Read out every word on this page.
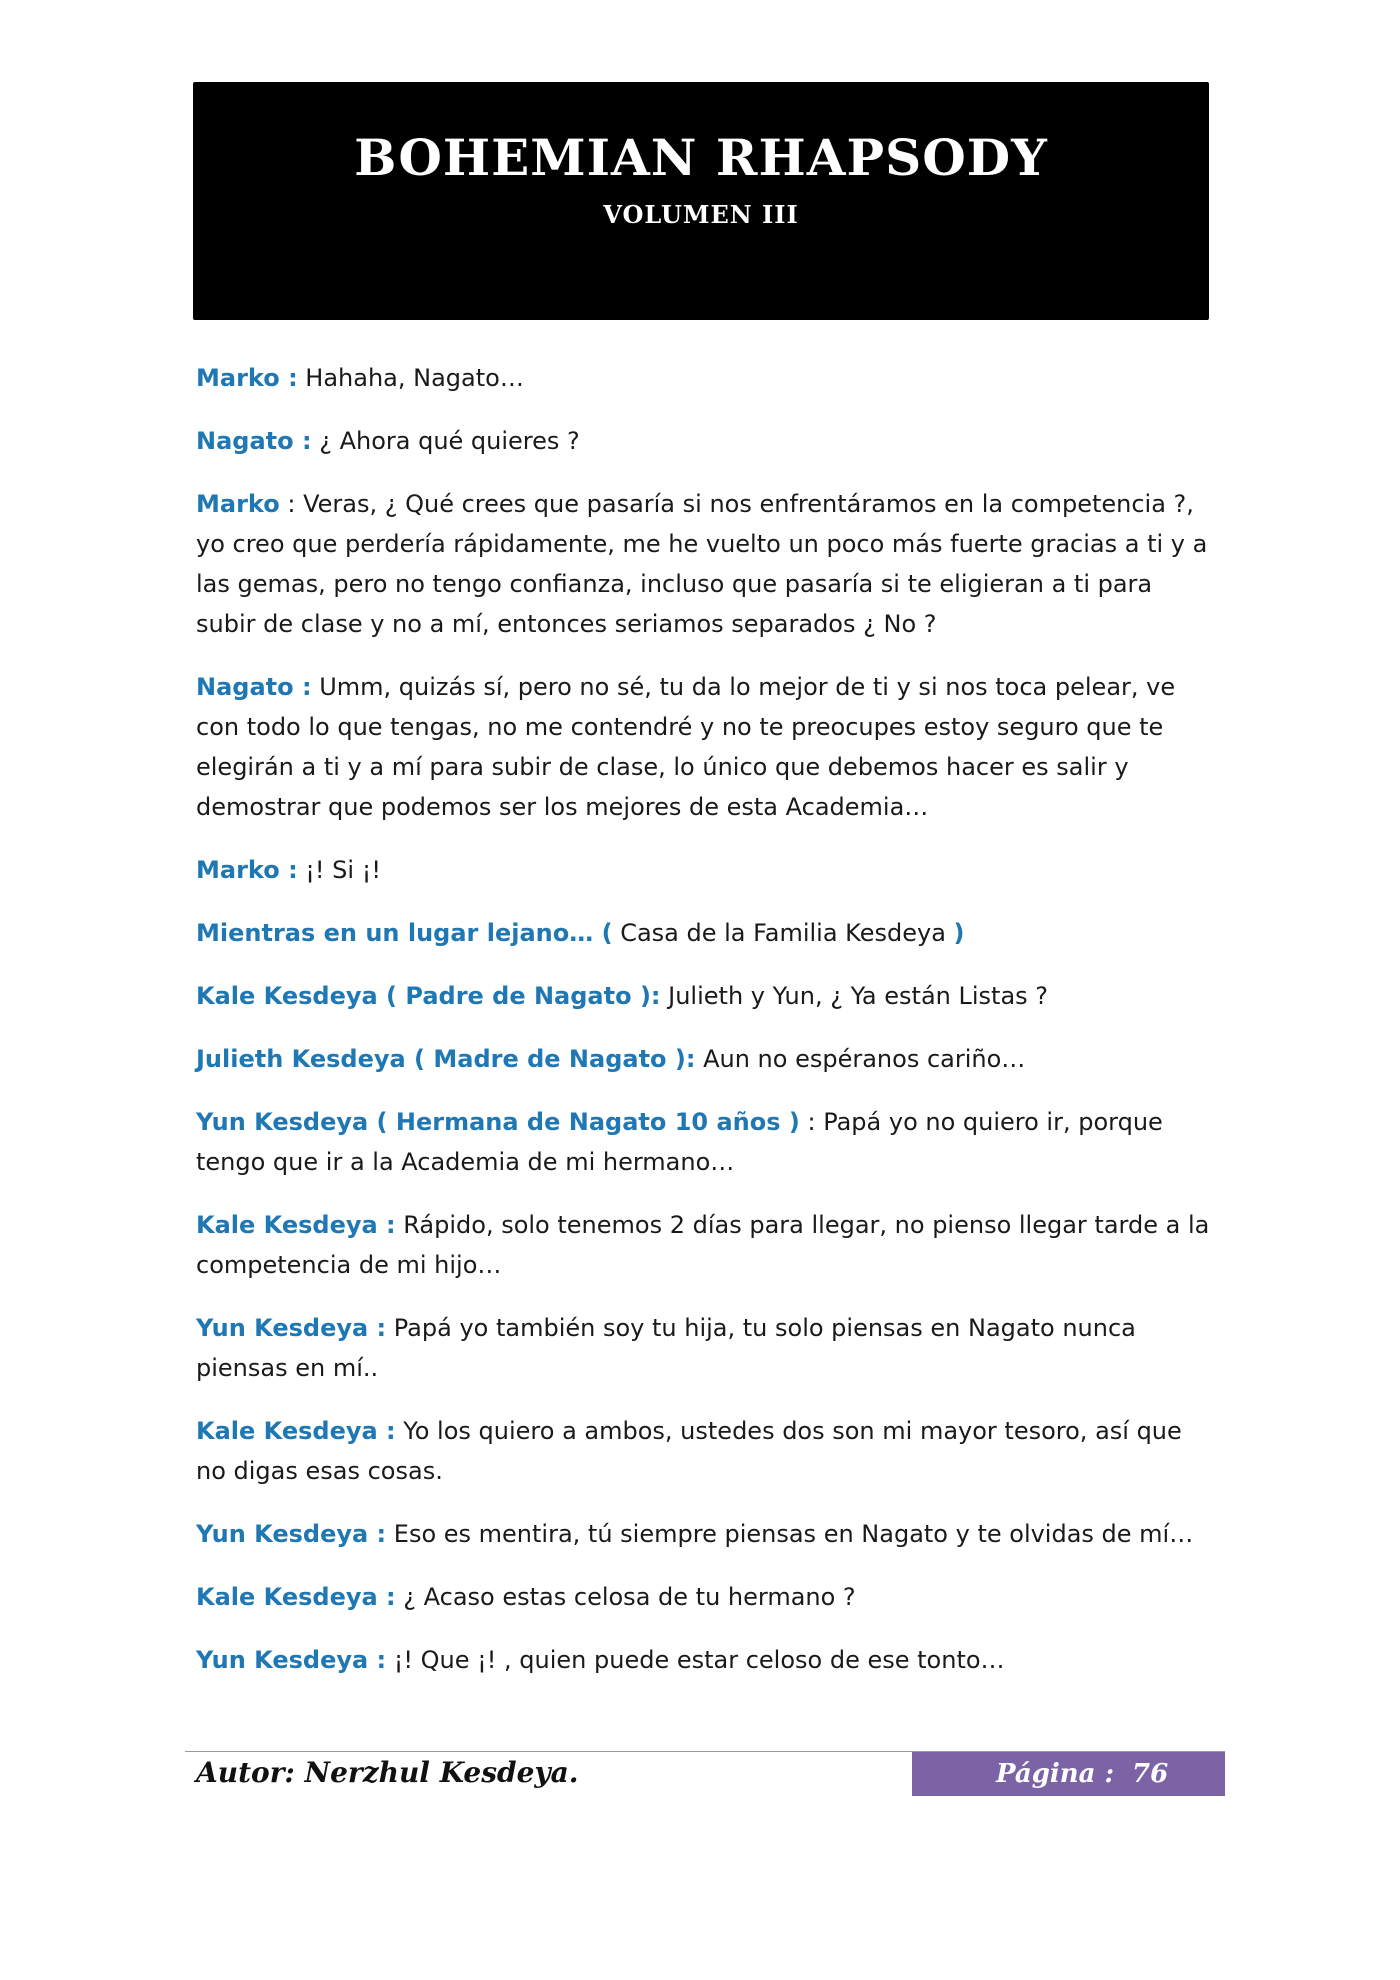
BOHEMIAN RHAPSODY
VOLUMEN III

Marko : Hahaha, Nagato…

Nagato : ¿ Ahora qué quieres ?

Marko : Veras, ¿ Qué crees que pasaría si nos enfrentáramos en la competencia ?, yo creo que perdería rápidamente, me he vuelto un poco más fuerte gracias a ti y a las gemas, pero no tengo confianza, incluso que pasaría si te eligieran a ti para subir de clase y no a mí, entonces seriamos separados ¿ No ?

Nagato : Umm, quizás sí, pero no sé, tu da lo mejor de ti y si nos toca pelear, ve con todo lo que tengas, no me contendré y no te preocupes estoy seguro que te elegirán a ti y a mí para subir de clase, lo único que debemos hacer es salir y demostrar que podemos ser los mejores de esta Academia…

Marko : ¡! Si ¡!

Mientras en un lugar lejano… ( Casa de la Familia Kesdeya )

Kale Kesdeya ( Padre de Nagato ): Julieth y Yun, ¿ Ya están Listas ?

Julieth Kesdeya ( Madre de Nagato ): Aun no espéranos cariño…

Yun Kesdeya ( Hermana de Nagato 10 años ) : Papá yo no quiero ir, porque tengo que ir a la Academia de mi hermano…

Kale Kesdeya : Rápido, solo tenemos 2 días para llegar, no pienso llegar tarde a la competencia de mi hijo…

Yun Kesdeya : Papá yo también soy tu hija, tu solo piensas en Nagato nunca piensas en mí..

Kale Kesdeya : Yo los quiero a ambos, ustedes dos son mi mayor tesoro, así que no digas esas cosas.

Yun Kesdeya : Eso es mentira, tú siempre piensas en Nagato y te olvidas de mí…

Kale Kesdeya : ¿ Acaso estas celosa de tu hermano ?

Yun Kesdeya : ¡! Que ¡! , quien puede estar celoso de ese tonto…

Autor: Nerzhul Kesdeya.	Página : 76
